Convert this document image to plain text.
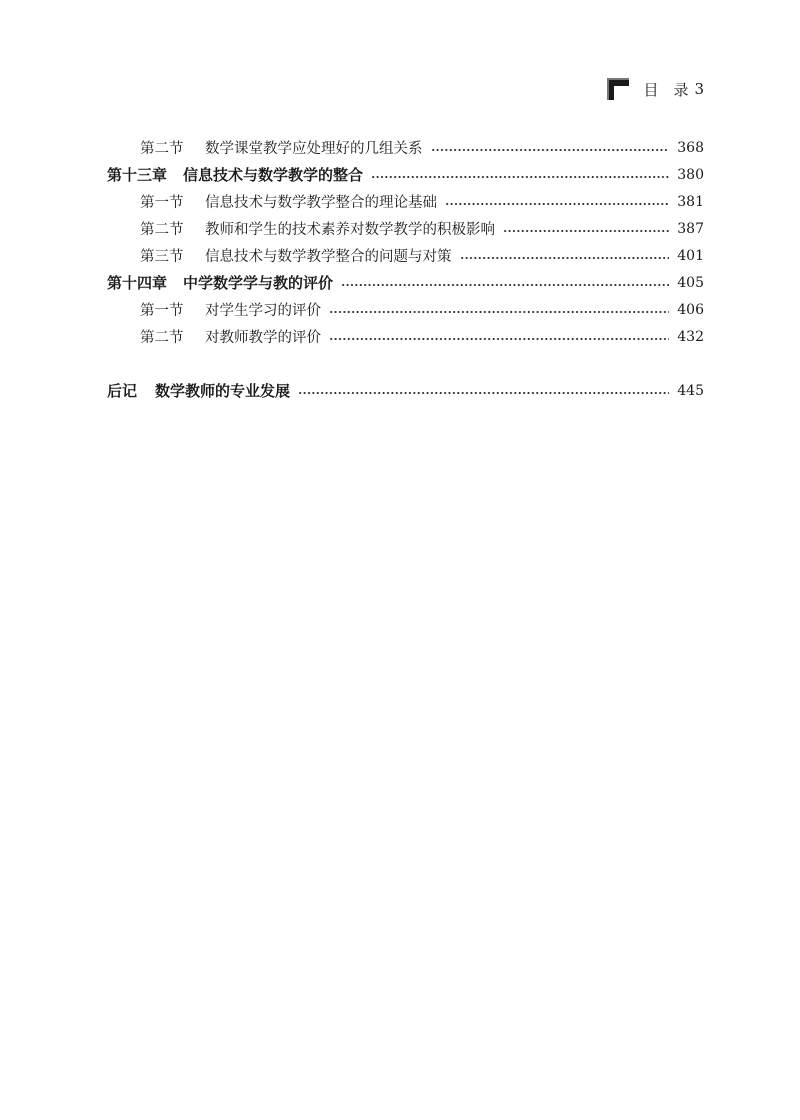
目　录 3
第二节	数学课堂教学应处理好的几组关系	368
第十三章 信息技术与数学教学的整合	380
第一节	信息技术与数学教学整合的理论基础	381
第二节	教师和学生的技术素养对数学教学的积极影响	387
第三节	信息技术与数学教学整合的问题与对策	401
第十四章 中学数学学与教的评价	405
第一节	对学生学习的评价	406
第二节	对教师教学的评价	432
后记	数学教师的专业发展	445
